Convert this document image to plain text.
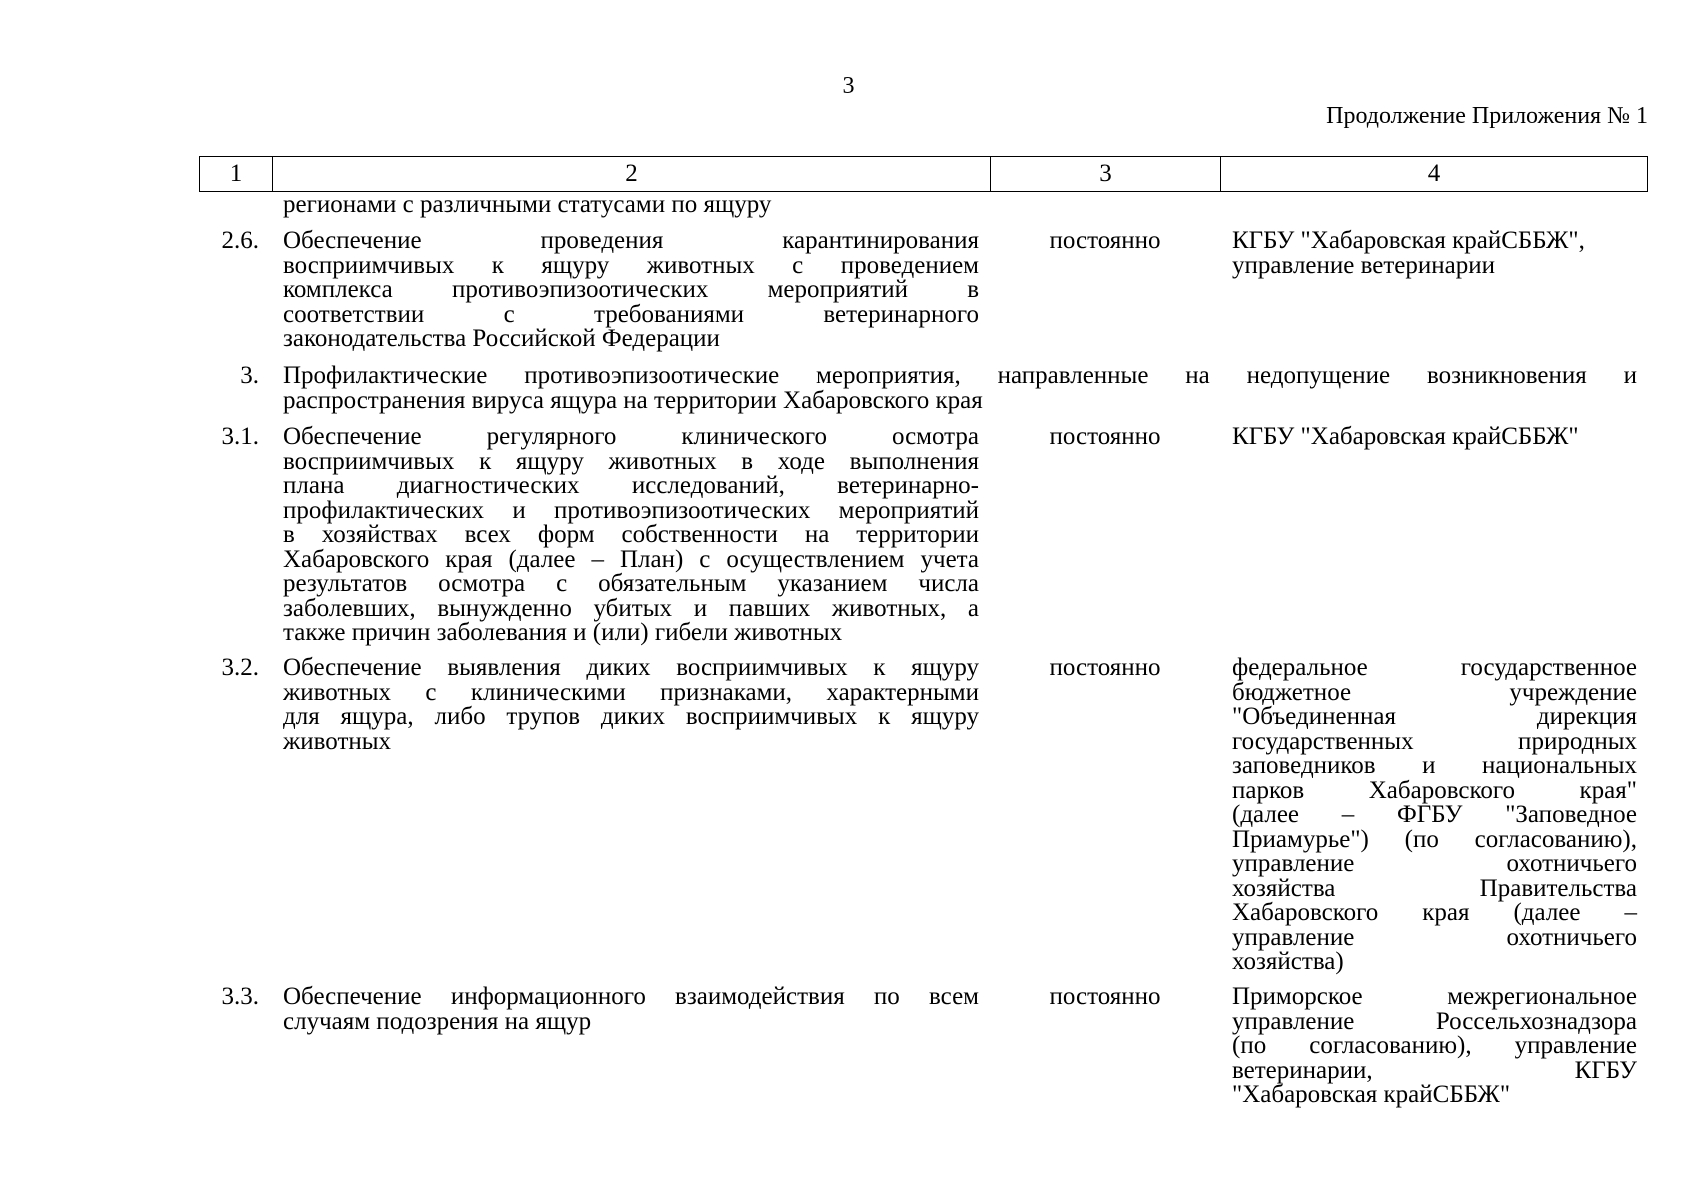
3
Продолжение Приложения № 1
1	2	3	4
регионами с различными статусами по ящуру
2.6. Обеспечение проведения карантинирования
восприимчивых к ящуру животных с проведением
комплекса противоэпизоотических мероприятий в
соответствии с требованиями ветеринарного
законодательства Российской Федерации
постоянно	КГБУ "Хабаровская крайСББЖ",
управление ветеринарии
3. Профилактические противоэпизоотические мероприятия, направленные на недопущение возникновения и
распространения вируса ящура на территории Хабаровского края
3.1. Обеспечение регулярного клинического осмотра
восприимчивых к ящуру животных в ходе выполнения
плана диагностических исследований, ветеринарно-
профилактических и противоэпизоотических мероприятий
в хозяйствах всех форм собственности на территории
Хабаровского края (далее – План) с осуществлением учета
результатов осмотра с обязательным указанием числа
заболевших, вынужденно убитых и павших животных, а
также причин заболевания и (или) гибели животных
постоянно	КГБУ "Хабаровская крайСББЖ"
3.2. Обеспечение выявления диких восприимчивых к ящуру
животных с клиническими признаками, характерными
для ящура, либо трупов диких восприимчивых к ящуру
животных
постоянно	федеральное государственное
бюджетное учреждение
"Объединенная дирекция
государственных природных
заповедников и национальных
парков Хабаровского края"
(далее – ФГБУ "Заповедное
Приамурье") (по согласованию),
управление охотничьего
хозяйства Правительства
Хабаровского края (далее –
управление охотничьего
хозяйства)
3.3. Обеспечение информационного взаимодействия по всем
случаям подозрения на ящур
постоянно	Приморское межрегиональное
управление Россельхознадзора
(по согласованию), управление
ветеринарии, КГБУ
"Хабаровская крайСББЖ"
